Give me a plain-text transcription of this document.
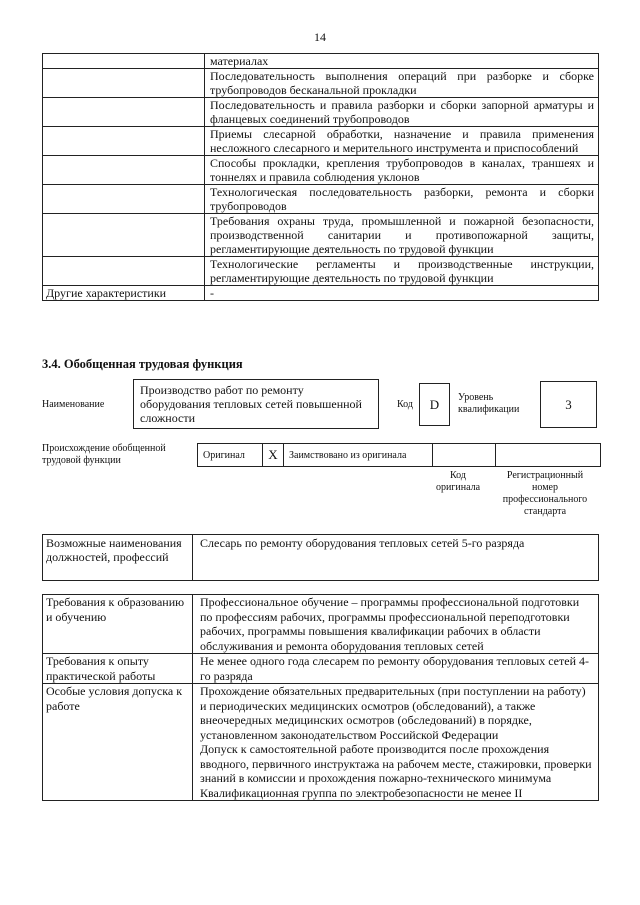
14
	материалах
	Последовательность выполнения операций при разборке и сборке трубопроводов бесканальной прокладки
	Последовательность и правила разборки и сборки запорной арматуры и фланцевых соединений трубопроводов
	Приемы слесарной обработки, назначение и правила применения несложного слесарного и мерительного инструмента и приспособлений
	Способы прокладки, крепления трубопроводов в каналах, траншеях и тоннелях и правила соблюдения уклонов
	Технологическая последовательность разборки, ремонта и сборки трубопроводов
	Требования охраны труда, промышленной и пожарной безопасности, производственной санитарии и противопожарной защиты, регламентирующие деятельность по трудовой функции
	Технологические регламенты и производственные инструкции, регламентирующие деятельность по трудовой функции
Другие характеристики	-
3.4. Обобщенная трудовая функция
Наименование
Производство работ по ремонту оборудования тепловых сетей повышенной сложности
Код	D	Уровень квалификации	3
Происхождение обобщенной трудовой функции	Оригинал	X	Заимствовано из оригинала		
Код оригинала
Регистрационный номер профессионального стандарта
Возможные наименования должностей, профессий	Слесарь по ремонту оборудования тепловых сетей 5-го разряда
Требования к образованию и обучению	Профессиональное обучение – программы профессиональной подготовки по профессиям рабочих, программы профессиональной переподготовки рабочих, программы повышения квалификации рабочих в области обслуживания и ремонта оборудования тепловых сетей

Требования к опыту практической работы	Не менее одного года слесарем по ремонту оборудования тепловых сетей 4-го разряда

Особые условия допуска к работе	Прохождение обязательных предварительных (при поступлении на работу) и периодических медицинских осмотров (обследований), а также внеочередных медицинских осмотров (обследований) в порядке, установленном законодательством Российской Федерации

Допуск к самостоятельной работе производится после прохождения вводного, первичного инструктажа на рабочем месте, стажировки, проверки знаний в комиссии и прохождения пожарно-технического минимума

Квалификационная группа по электробезопасности не менее II
